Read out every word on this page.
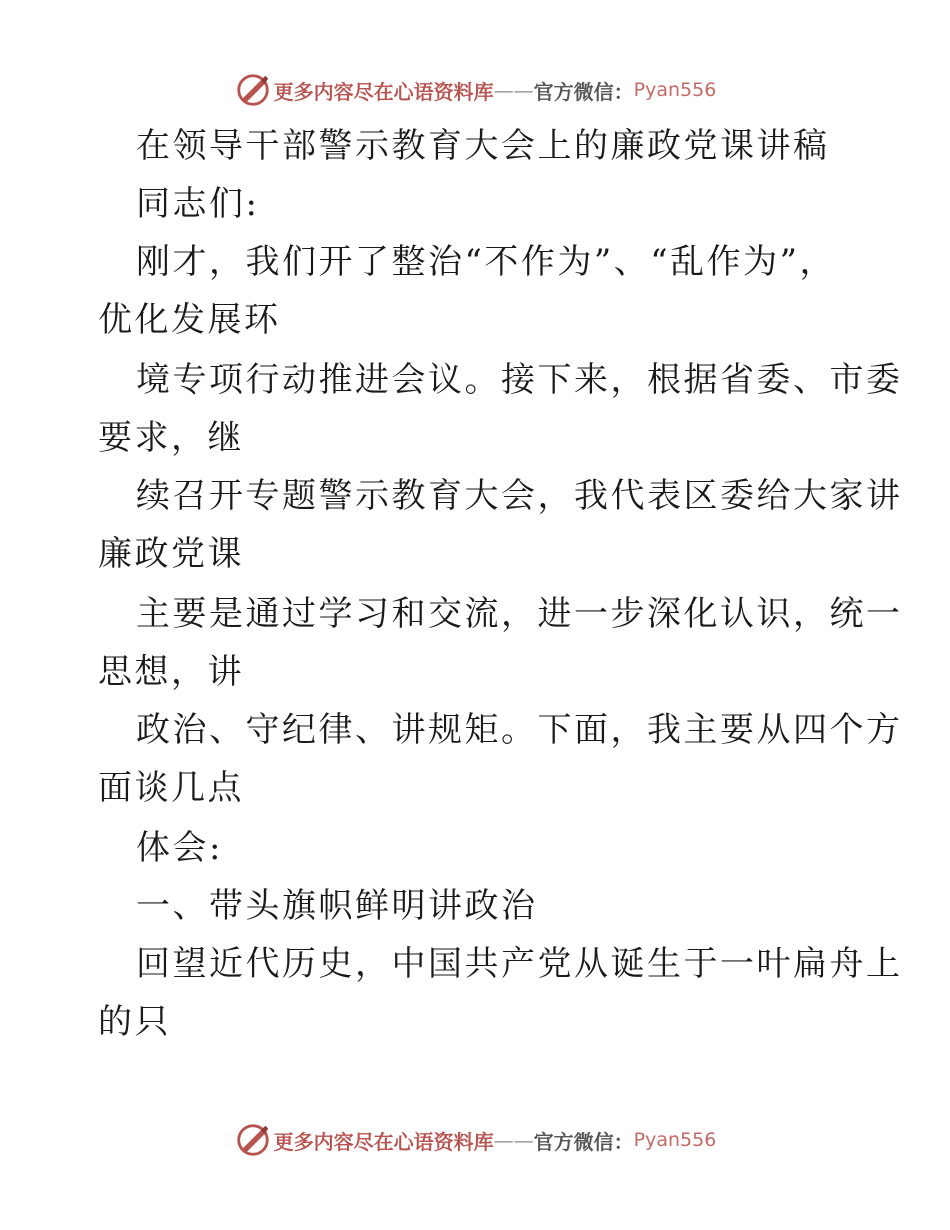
更多内容尽在心语资料库 —— 官方微信： Pyan556
在领导干部警示教育大会上的廉政党课讲稿
同志们:
刚才，我们开了整治“不作为”、“乱作为”，
优化发展环
境专项行动推进会议。接下来，根据省委、市委
要求，继
续召开专题警示教育大会，我代表区委给大家讲
廉政党课
主要是通过学习和交流，进一步深化认识，统一
思想，讲
政治、守纪律、讲规矩。下面，我主要从四个方
面谈几点
体会:
一、带头旗帜鲜明讲政治
回望近代历史，中国共产党从诞生于一叶扁舟上
的只
更多内容尽在心语资料库 —— 官方微信： Pyan556
